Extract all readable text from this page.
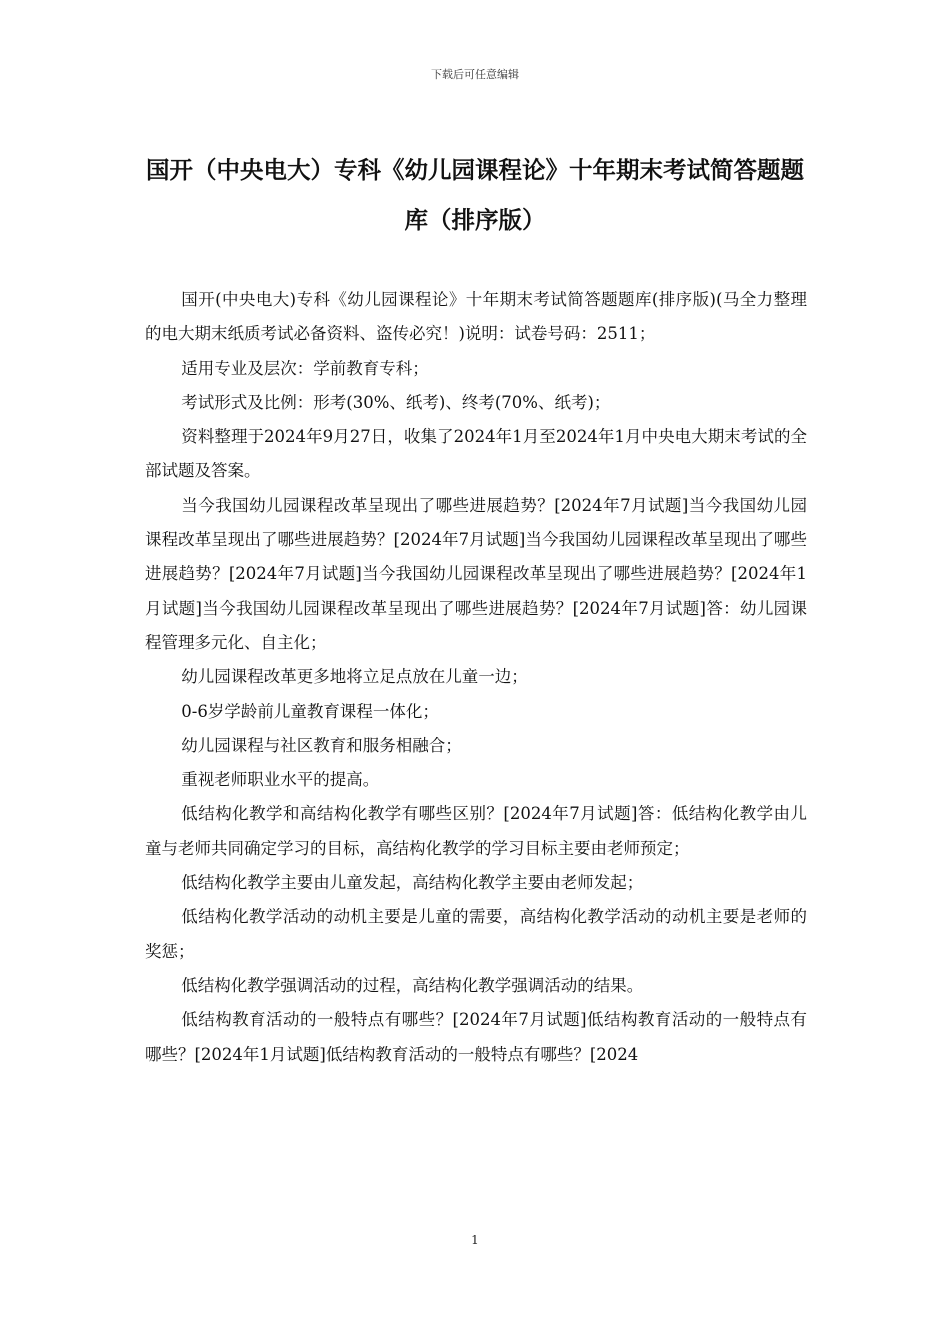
下载后可任意编辑
国开（中央电大）专科《幼儿园课程论》十年期末考试简答题题库（排序版）

国开(中央电大)专科《幼儿园课程论》十年期末考试简答题题库(排序版)(马全力整理的电大期末纸质考试必备资料、盗传必究！)说明：试卷号码：2511；

适用专业及层次：学前教育专科；

考试形式及比例：形考(30%、纸考)、终考(70%、纸考)；

资料整理于2024年9月27日，收集了2024年1月至2024年1月中央电大期末考试的全部试题及答案。

当今我国幼儿园课程改革呈现出了哪些进展趋势？[2024年7月试题]当今我国幼儿园课程改革呈现出了哪些进展趋势？[2024年7月试题]当今我国幼儿园课程改革呈现出了哪些进展趋势？[2024年7月试题]当今我国幼儿园课程改革呈现出了哪些进展趋势？[2024年1月试题]当今我国幼儿园课程改革呈现出了哪些进展趋势？[2024年7月试题]答：幼儿园课程管理多元化、自主化；

幼儿园课程改革更多地将立足点放在儿童一边；

0-6岁学龄前儿童教育课程一体化；

幼儿园课程与社区教育和服务相融合；

重视老师职业水平的提高。

低结构化教学和高结构化教学有哪些区别？[2024年7月试题]答：低结构化教学由儿童与老师共同确定学习的目标，高结构化教学的学习目标主要由老师预定；

低结构化教学主要由儿童发起，高结构化教学主要由老师发起；

低结构化教学活动的动机主要是儿童的需要，高结构化教学活动的动机主要是老师的奖惩；

低结构化教学强调活动的过程，高结构化教学强调活动的结果。

低结构教育活动的一般特点有哪些？[2024年7月试题]低结构教育活动的一般特点有哪些？[2024年1月试题]低结构教育活动的一般特点有哪些？[2024

1
